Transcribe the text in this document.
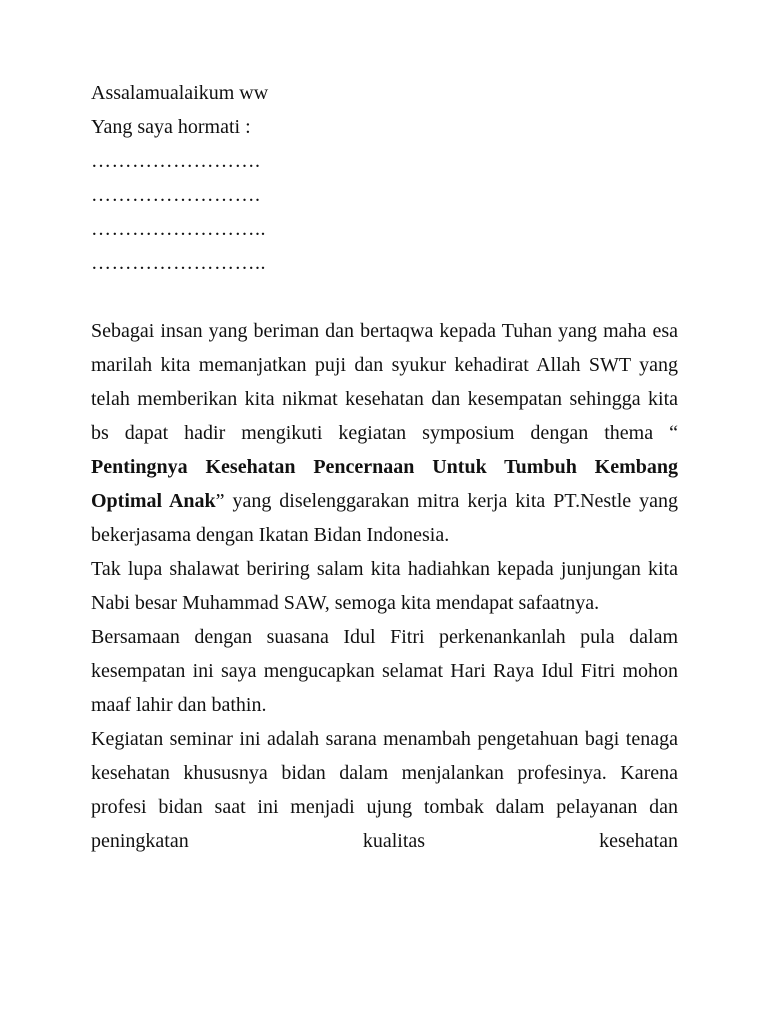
Assalamualaikum ww
Yang saya hormati :
…………………….
…………………….
……………………..
……………………..

Sebagai insan yang beriman dan bertaqwa kepada Tuhan yang maha esa marilah kita memanjatkan puji dan syukur kehadirat Allah SWT yang telah memberikan kita nikmat kesehatan dan kesempatan sehingga kita bs dapat hadir mengikuti kegiatan symposium dengan thema “ Pentingnya Kesehatan Pencernaan Untuk Tumbuh Kembang Optimal Anak” yang diselenggarakan mitra kerja kita PT.Nestle yang bekerjasama dengan Ikatan Bidan Indonesia.

Tak lupa shalawat beriring salam kita hadiahkan kepada junjungan kita Nabi besar Muhammad SAW, semoga kita mendapat safaatnya.

Bersamaan dengan suasana Idul Fitri perkenankanlah pula dalam kesempatan ini saya mengucapkan selamat Hari Raya Idul Fitri mohon maaf lahir dan bathin.

Kegiatan seminar ini adalah sarana menambah pengetahuan bagi tenaga kesehatan khususnya bidan dalam menjalankan profesinya. Karena profesi bidan saat ini menjadi ujung tombak dalam pelayanan dan peningkatan kualitas kesehatan
